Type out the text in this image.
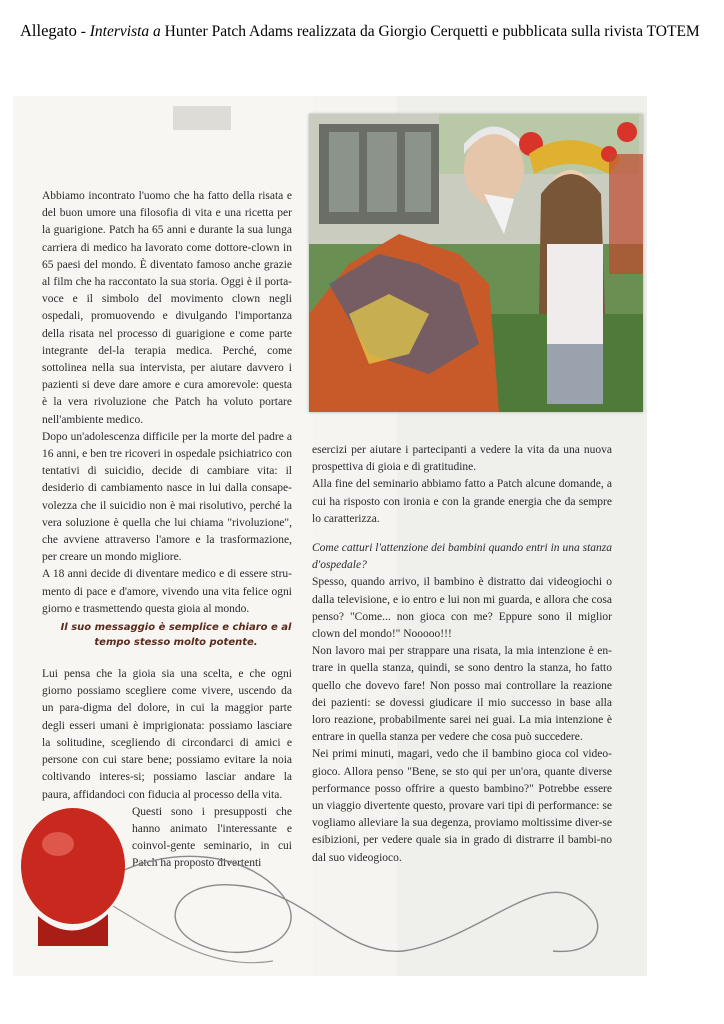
Allegato - Intervista a Hunter Patch Adams realizzata da Giorgio Cerquetti e pubblicata sulla rivista TOTEM

Abbiamo incontrato l'uomo che ha fatto della risata e del buon umore una filosofia di vita e una ricetta per la guarigione. Patch ha 65 anni e durante la sua lunga carriera di medico ha lavorato come dottore-clown in 65 paesi del mondo. È diventato famoso anche grazie al film che ha raccontato la sua storia. Oggi è il porta-voce e il simbolo del movimento clown negli ospedali, promuovendo e divulgando l'importanza della risata nel processo di guarigione e come parte integrante del-la terapia medica. Perché, come sottolinea nella sua intervista, per aiutare davvero i pazienti si deve dare amore e cura amorevole: questa è la vera rivoluzione che Patch ha voluto portare nell'ambiente medico.

Dopo un'adolescenza difficile per la morte del padre a 16 anni, e ben tre ricoveri in ospedale psichiatrico con tentativi di suicidio, decide di cambiare vita: il desiderio di cambiamento nasce in lui dalla consape-volezza che il suicidio non è mai risolutivo, perché la vera soluzione è quella che lui chiama "rivoluzione", che avviene attraverso l'amore e la trasformazione, per creare un mondo migliore.

A 18 anni decide di diventare medico e di essere stru-mento di pace e d'amore, vivendo una vita felice ogni giorno e trasmettendo questa gioia al mondo.

Lui pensa che la gioia sia una scelta, e che ogni giorno possiamo scegliere come vivere, uscendo da un para-digma del dolore, in cui la maggior parte degli esseri umani è imprigionata: possiamo lasciare la solitudine, scegliendo di circondarci di amici e persone con cui stare bene; possiamo evitare la noia coltivando interes-si; possiamo lasciar andare la paura, affidandoci con fiducia al processo della vita.

Questi sono i presupposti che hanno animato l'interessante e coinvol-gente seminario, in cui Patch ha proposto divertenti

Il suo messaggio è semplice e chiaro e al tempo stesso molto potente.

esercizi per aiutare i partecipanti a vedere la vita da una nuova prospettiva di gioia e di gratitudine.

Alla fine del seminario abbiamo fatto a Patch alcune domande, a cui ha risposto con ironia e con la grande energia che da sempre lo caratterizza.

Come catturi l'attenzione dei bambini quando entri in una stanza d'ospedale?

Spesso, quando arrivo, il bambino è distratto dai videogiochi o dalla televisione, e io entro e lui non mi guarda, e allora che cosa penso? "Come... non gioca con me? Eppure sono il miglior clown del mondo!" Nooooo!!!

Non lavoro mai per strappare una risata, la mia intenzione è en-trare in quella stanza, quindi, se sono dentro la stanza, ho fatto quello che dovevo fare! Non posso mai controllare la reazione dei pazienti: se dovessi giudicare il mio successo in base alla loro reazione, probabilmente sarei nei guai. La mia intenzione è entrare in quella stanza per vedere che cosa può succedere.

Nei primi minuti, magari, vedo che il bambino gioca col video-gioco. Allora penso "Bene, se sto qui per un'ora, quante diverse performance posso offrire a questo bambino?" Potrebbe essere un viaggio divertente questo, provare vari tipi di performance: se vogliamo alleviare la sua degenza, proviamo moltissime diver-se esibizioni, per vedere quale sia in grado di distrarre il bambi-no dal suo videogioco.
